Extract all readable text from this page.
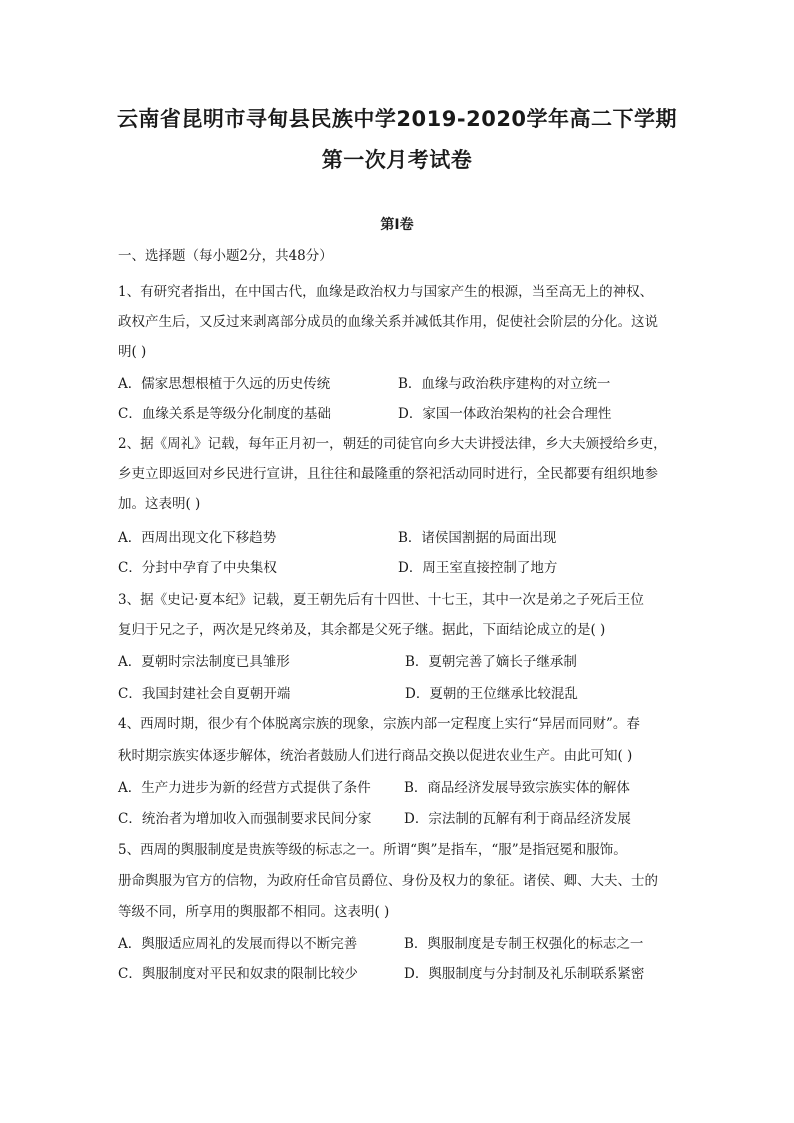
云南省昆明市寻甸县民族中学2019-2020学年高二下学期
第一次月考试卷
第Ⅰ卷
一、选择题（每小题2分，共48分）
1、有研究者指出，在中国古代，血缘是政治权力与国家产生的根源，当至高无上的神权、
政权产生后，又反过来剥离部分成员的血缘关系并减低其作用，促使社会阶层的分化。这说
明( )
A．儒家思想根植于久远的历史传统	B．血缘与政治秩序建构的对立统一
C．血缘关系是等级分化制度的基础	D．家国一体政治架构的社会合理性
2、据《周礼》记载，每年正月初一，朝廷的司徒官向乡大夫讲授法律，乡大夫颁授给乡吏，
乡吏立即返回对乡民进行宣讲，且往往和最隆重的祭祀活动同时进行，全民都要有组织地参
加。这表明( )
A．西周出现文化下移趋势	B．诸侯国割据的局面出现
C．分封中孕育了中央集权	D．周王室直接控制了地方
3、据《史记·夏本纪》记载，夏王朝先后有十四世、十七王，其中一次是弟之子死后王位
复归于兄之子，两次是兄终弟及，其余都是父死子继。据此，下面结论成立的是( )
A．夏朝时宗法制度已具雏形	B．夏朝完善了嫡长子继承制
C．我国封建社会自夏朝开端	D．夏朝的王位继承比较混乱
4、西周时期，很少有个体脱离宗族的现象，宗族内部一定程度上实行“异居而同财”。春
秋时期宗族实体逐步解体，统治者鼓励人们进行商品交换以促进农业生产。由此可知( )
A．生产力进步为新的经营方式提供了条件 B．商品经济发展导致宗族实体的解体
C．统治者为增加收入而强制要求民间分家 D．宗法制的瓦解有利于商品经济发展
5、西周的舆服制度是贵族等级的标志之一。所谓“舆”是指车，“服”是指冠冕和服饰。
册命舆服为官方的信物，为政府任命官员爵位、身份及权力的象征。诸侯、卿、大夫、士的
等级不同，所享用的舆服都不相同。这表明( )
A．舆服适应周礼的发展而得以不断完善	B．舆服制度是专制王权强化的标志之一
C．舆服制度对平民和奴隶的限制比较少	D．舆服制度与分封制及礼乐制联系紧密
